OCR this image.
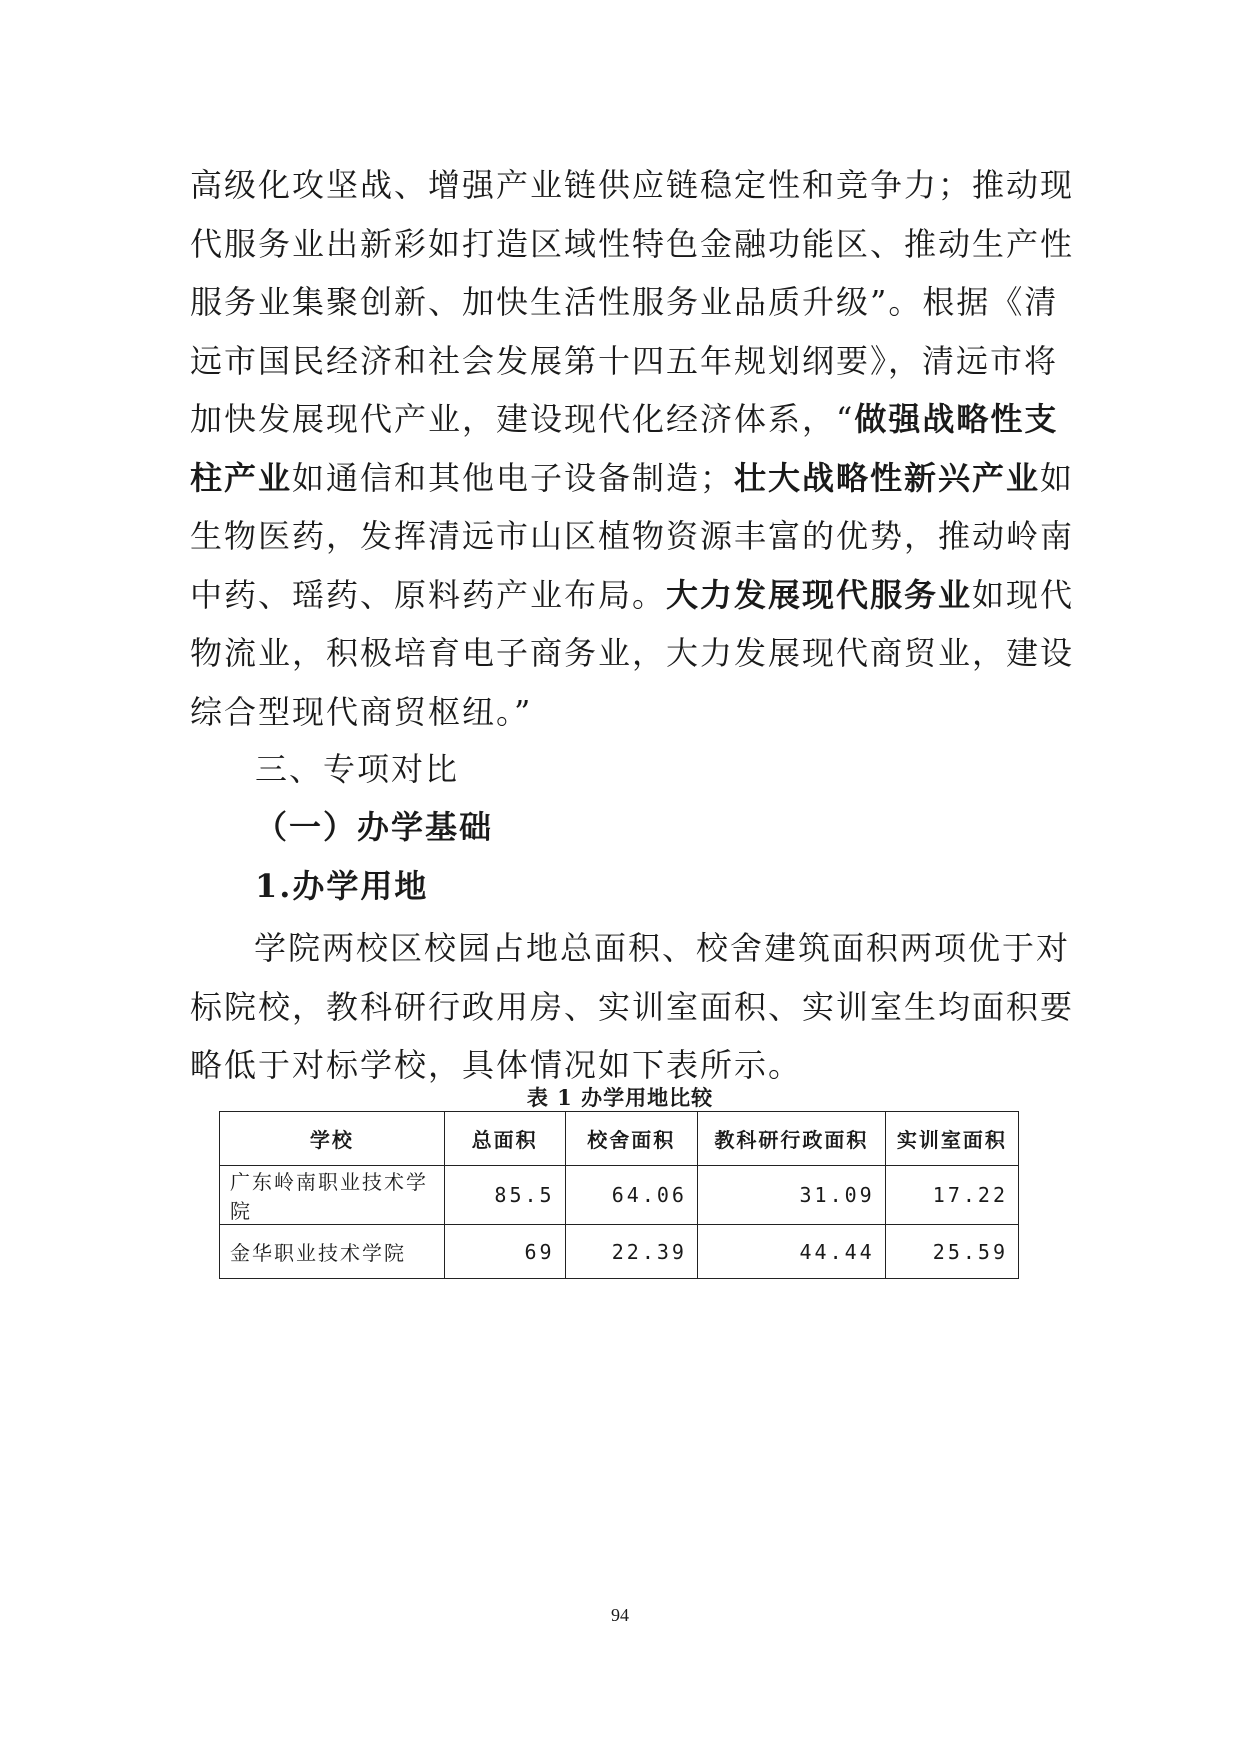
高级化攻坚战、增强产业链供应链稳定性和竞争力；推动现
代服务业出新彩如打造区域性特色金融功能区、推动生产性
服务业集聚创新、加快生活性服务业品质升级”。根据《清
远市国民经济和社会发展第十四五年规划纲要》，清远市将
加快发展现代产业，建设现代化经济体系，“做强战略性支
柱产业如通信和其他电子设备制造；壮大战略性新兴产业如
生物医药，发挥清远市山区植物资源丰富的优势，推动岭南
中药、瑶药、原料药产业布局。大力发展现代服务业如现代
物流业，积极培育电子商务业，大力发展现代商贸业，建设
综合型现代商贸枢纽。”
三、专项对比
（一）办学基础
1.办学用地
学院两校区校园占地总面积、校舍建筑面积两项优于对
标院校，教科研行政用房、实训室面积、实训室生均面积要
略低于对标学校，具体情况如下表所示。
表 1 办学用地比较
学校	总面积	校舍面积	教科研行政面积	实训室面积
广东岭南职业技术学院	85.5	64.06	31.09	17.22
金华职业技术学院	69	22.39	44.44	25.59
94
